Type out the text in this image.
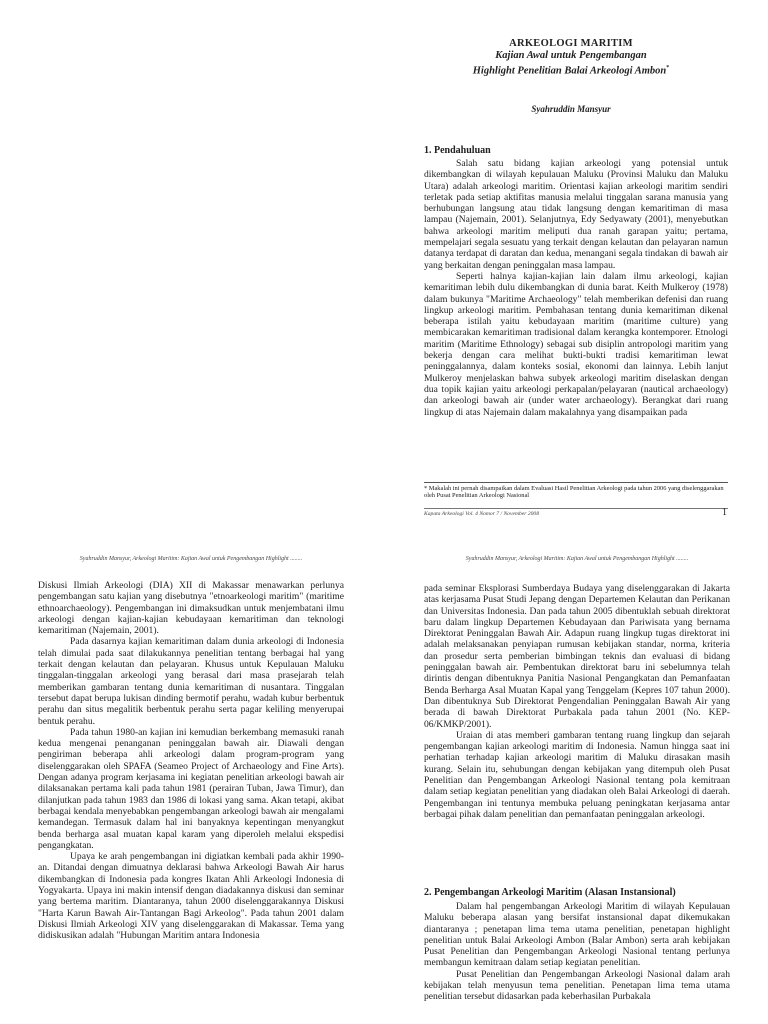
ARKEOLOGI MARITIM
Kajian Awal untuk Pengembangan
Highlight Penelitian Balai Arkeologi Ambon*
Syahruddin Mansyur
1. Pendahuluan

Salah satu bidang kajian arkeologi yang potensial untuk dikembangkan di wilayah kepulauan Maluku (Provinsi Maluku dan Maluku Utara) adalah arkeologi maritim. Orientasi kajian arkeologi maritim sendiri terletak pada setiap aktifitas manusia melalui tinggalan sarana manusia yang berhubungan langsung atau tidak langsung dengan kemaritiman di masa lampau (Najemain, 2001). Selanjutnya, Edy Sedyawaty (2001), menyebutkan bahwa arkeologi maritim meliputi dua ranah garapan yaitu; pertama, mempelajari segala sesuatu yang terkait dengan kelautan dan pelayaran namun datanya terdapat di daratan dan kedua, menangani segala tindakan di bawah air yang berkaitan dengan peninggalan masa lampau.

Seperti halnya kajian-kajian lain dalam ilmu arkeologi, kajian kemaritiman lebih dulu dikembangkan di dunia barat. Keith Mulkeroy (1978) dalam bukunya "Maritime Archaeology" telah memberikan defenisi dan ruang lingkup arkeologi maritim. Pembahasan tentang dunia kemaritiman dikenal beberapa istilah yaitu kebudayaan maritim (maritime culture) yang membicarakan kemaritiman tradisional dalam kerangka kontemporer. Etnologi maritim (Maritime Ethnology) sebagai sub disiplin antropologi maritim yang bekerja dengan cara melihat bukti-bukti tradisi kemaritiman lewat peninggalannya, dalam konteks sosial, ekonomi dan lainnya. Lebih lanjut Mulkeroy menjelaskan bahwa subyek arkeologi maritim diselaskan dengan dua topik kajian yaitu arkeologi perkapalan/pelayaran (nautical archaeology) dan arkeologi bawah air (under water archaeology). Berangkat dari ruang lingkup di atas Najemain dalam makalahnya yang disampaikan pada

* Makalah ini pernah disampaikan dalam Evaluasi Hasil Penelitian Arkeologi pada tahun 2006 yang diselenggarakan oleh Pusat Penelitian Arkeologi Nasional
Kapata Arkeologi Vol. 4 Nomor 7 / November 2008	1
Syahruddin Mansyur, Arkeologi Maritim: Kajian Awal untuk Pengembangan Highlight ........

Diskusi Ilmiah Arkeologi (DIA) XII di Makassar menawarkan perlunya pengembangan satu kajian yang disebutnya "etnoarkeologi maritim" (maritime ethnoarchaeology). Pengembangan ini dimaksudkan untuk menjembatani ilmu arkeologi dengan kajian-kajian kebudayaan kemaritiman dan teknologi kemaritiman (Najemain, 2001).

Pada dasarnya kajian kemaritiman dalam dunia arkeologi di Indonesia telah dimulai pada saat dilakukannya penelitian tentang berbagai hal yang terkait dengan kelautan dan pelayaran. Khusus untuk Kepulauan Maluku tinggalan-tinggalan arkeologi yang berasal dari masa prasejarah telah memberikan gambaran tentang dunia kemaritiman di nusantara. Tinggalan tersebut dapat berupa lukisan dinding bermotif perahu, wadah kubur berbentuk perahu dan situs megalitik berbentuk perahu serta pagar keliling menyerupai bentuk perahu.

Pada tahun 1980-an kajian ini kemudian berkembang memasuki ranah kedua mengenai penanganan peninggalan bawah air. Diawali dengan pengiriman beberapa ahli arkeologi dalam program-program yang diselenggarakan oleh SPAFA (Seameo Project of Archaeology and Fine Arts). Dengan adanya program kerjasama ini kegiatan penelitian arkeologi bawah air dilaksanakan pertama kali pada tahun 1981 (perairan Tuban, Jawa Timur), dan dilanjutkan pada tahun 1983 dan 1986 di lokasi yang sama. Akan tetapi, akibat berbagai kendala menyebabkan pengembangan arkeologi bawah air mengalami kemandegan. Termasuk dalam hal ini banyaknya kepentingan menyangkut benda berharga asal muatan kapal karam yang diperoleh melalui ekspedisi pengangkatan.

Upaya ke arah pengembangan ini digiatkan kembali pada akhir 1990-an. Ditandai dengan dimuatnya deklarasi bahwa Arkeologi Bawah Air harus dikembangkan di Indonesia pada kongres Ikatan Ahli Arkeologi Indonesia di Yogyakarta. Upaya ini makin intensif dengan diadakannya diskusi dan seminar yang bertema maritim. Diantaranya, tahun 2000 diselenggarakannya Diskusi "Harta Karun Bawah Air-Tantangan Bagi Arkeolog". Pada tahun 2001 dalam Diskusi Ilmiah Arkeologi XIV yang diselenggarakan di Makassar. Tema yang didiskusikan adalah "Hubungan Maritim antara Indonesia

Syahruddin Mansyur, Arkeologi Maritim: Kajian Awal untuk Pengembangan Highlight ........

pada seminar Eksplorasi Sumberdaya Budaya yang diselenggarakan di Jakarta atas kerjasama Pusat Studi Jepang dengan Departemen Kelautan dan Perikanan dan Universitas Indonesia. Dan pada tahun 2005 dibentuklah sebuah direktorat baru dalam lingkup Departemen Kebudayaan dan Pariwisata yang bernama Direktorat Peninggalan Bawah Air. Adapun ruang lingkup tugas direktorat ini adalah melaksanakan penyiapan rumusan kebijakan standar, norma, kriteria dan prosedur serta pemberian bimbingan teknis dan evaluasi di bidang peninggalan bawah air. Pembentukan direktorat baru ini sebelumnya telah dirintis dengan dibentuknya Panitia Nasional Pengangkatan dan Pemanfaatan Benda Berharga Asal Muatan Kapal yang Tenggelam (Kepres 107 tahun 2000). Dan dibentuknya Sub Direktorat Pengendalian Peninggalan Bawah Air yang berada di bawah Direktorat Purbakala pada tahun 2001 (No. KEP-06/KMKP/2001).

Uraian di atas memberi gambaran tentang ruang lingkup dan sejarah pengembangan kajian arkeologi maritim di Indonesia. Namun hingga saat ini perhatian terhadap kajian arkeologi maritim di Maluku dirasakan masih kurang. Selain itu, sehubungan dengan kebijakan yang ditempuh oleh Pusat Penelitian dan Pengembangan Arkeologi Nasional tentang pola kemitraan dalam setiap kegiatan penelitian yang diadakan oleh Balai Arkeologi di daerah. Pengembangan ini tentunya membuka peluang peningkatan kerjasama antar berbagai pihak dalam penelitian dan pemanfaatan peninggalan arkeologi.

2. Pengembangan Arkeologi Maritim (Alasan Instansional)

Dalam hal pengembangan Arkeologi Maritim di wilayah Kepulauan Maluku beberapa alasan yang bersifat instansional dapat dikemukakan diantaranya ; penetapan lima tema utama penelitian, penetapan highlight penelitian untuk Balai Arkeologi Ambon (Balar Ambon) serta arah kebijakan Pusat Penelitian dan Pengembangan Arkeologi Nasional tentang perlunya membangun kemitraan dalam setiap kegiatan penelitian.

Pusat Penelitian dan Pengembangan Arkeologi Nasional dalam arah kebijakan telah menyusun tema penelitian. Penetapan lima tema utama penelitian tersebut didasarkan pada keberhasilan Purbakala
